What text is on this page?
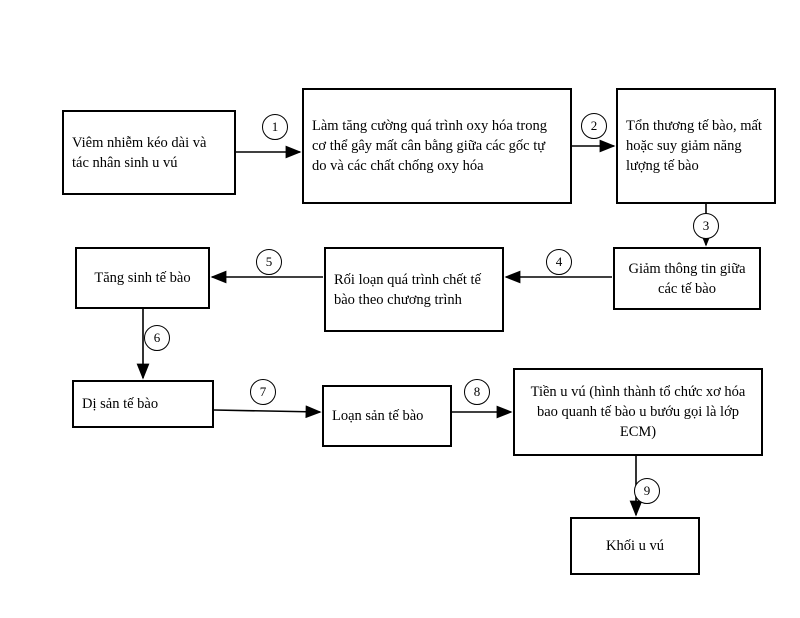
Viêm nhiễm kéo dài và tác nhân sinh u vú
Làm tăng cường quá trình oxy hóa trong cơ thể gây mất cân bằng giữa các gốc tự do và các chất chống oxy hóa
Tổn thương tế bào, mất hoặc suy giảm năng lượng tế bào
Giảm thông tin giữa các tế bào
Rối loạn quá trình chết tế bào theo chương trình
Tăng sinh tế bào
Dị sản tế bào
Loạn sản tế bào
Tiền u vú (hình thành tổ chức xơ hóa bao quanh tế bào u bướu gọi là lớp ECM)
Khối u vú
1	2
3
4
5
6
7	8
9
